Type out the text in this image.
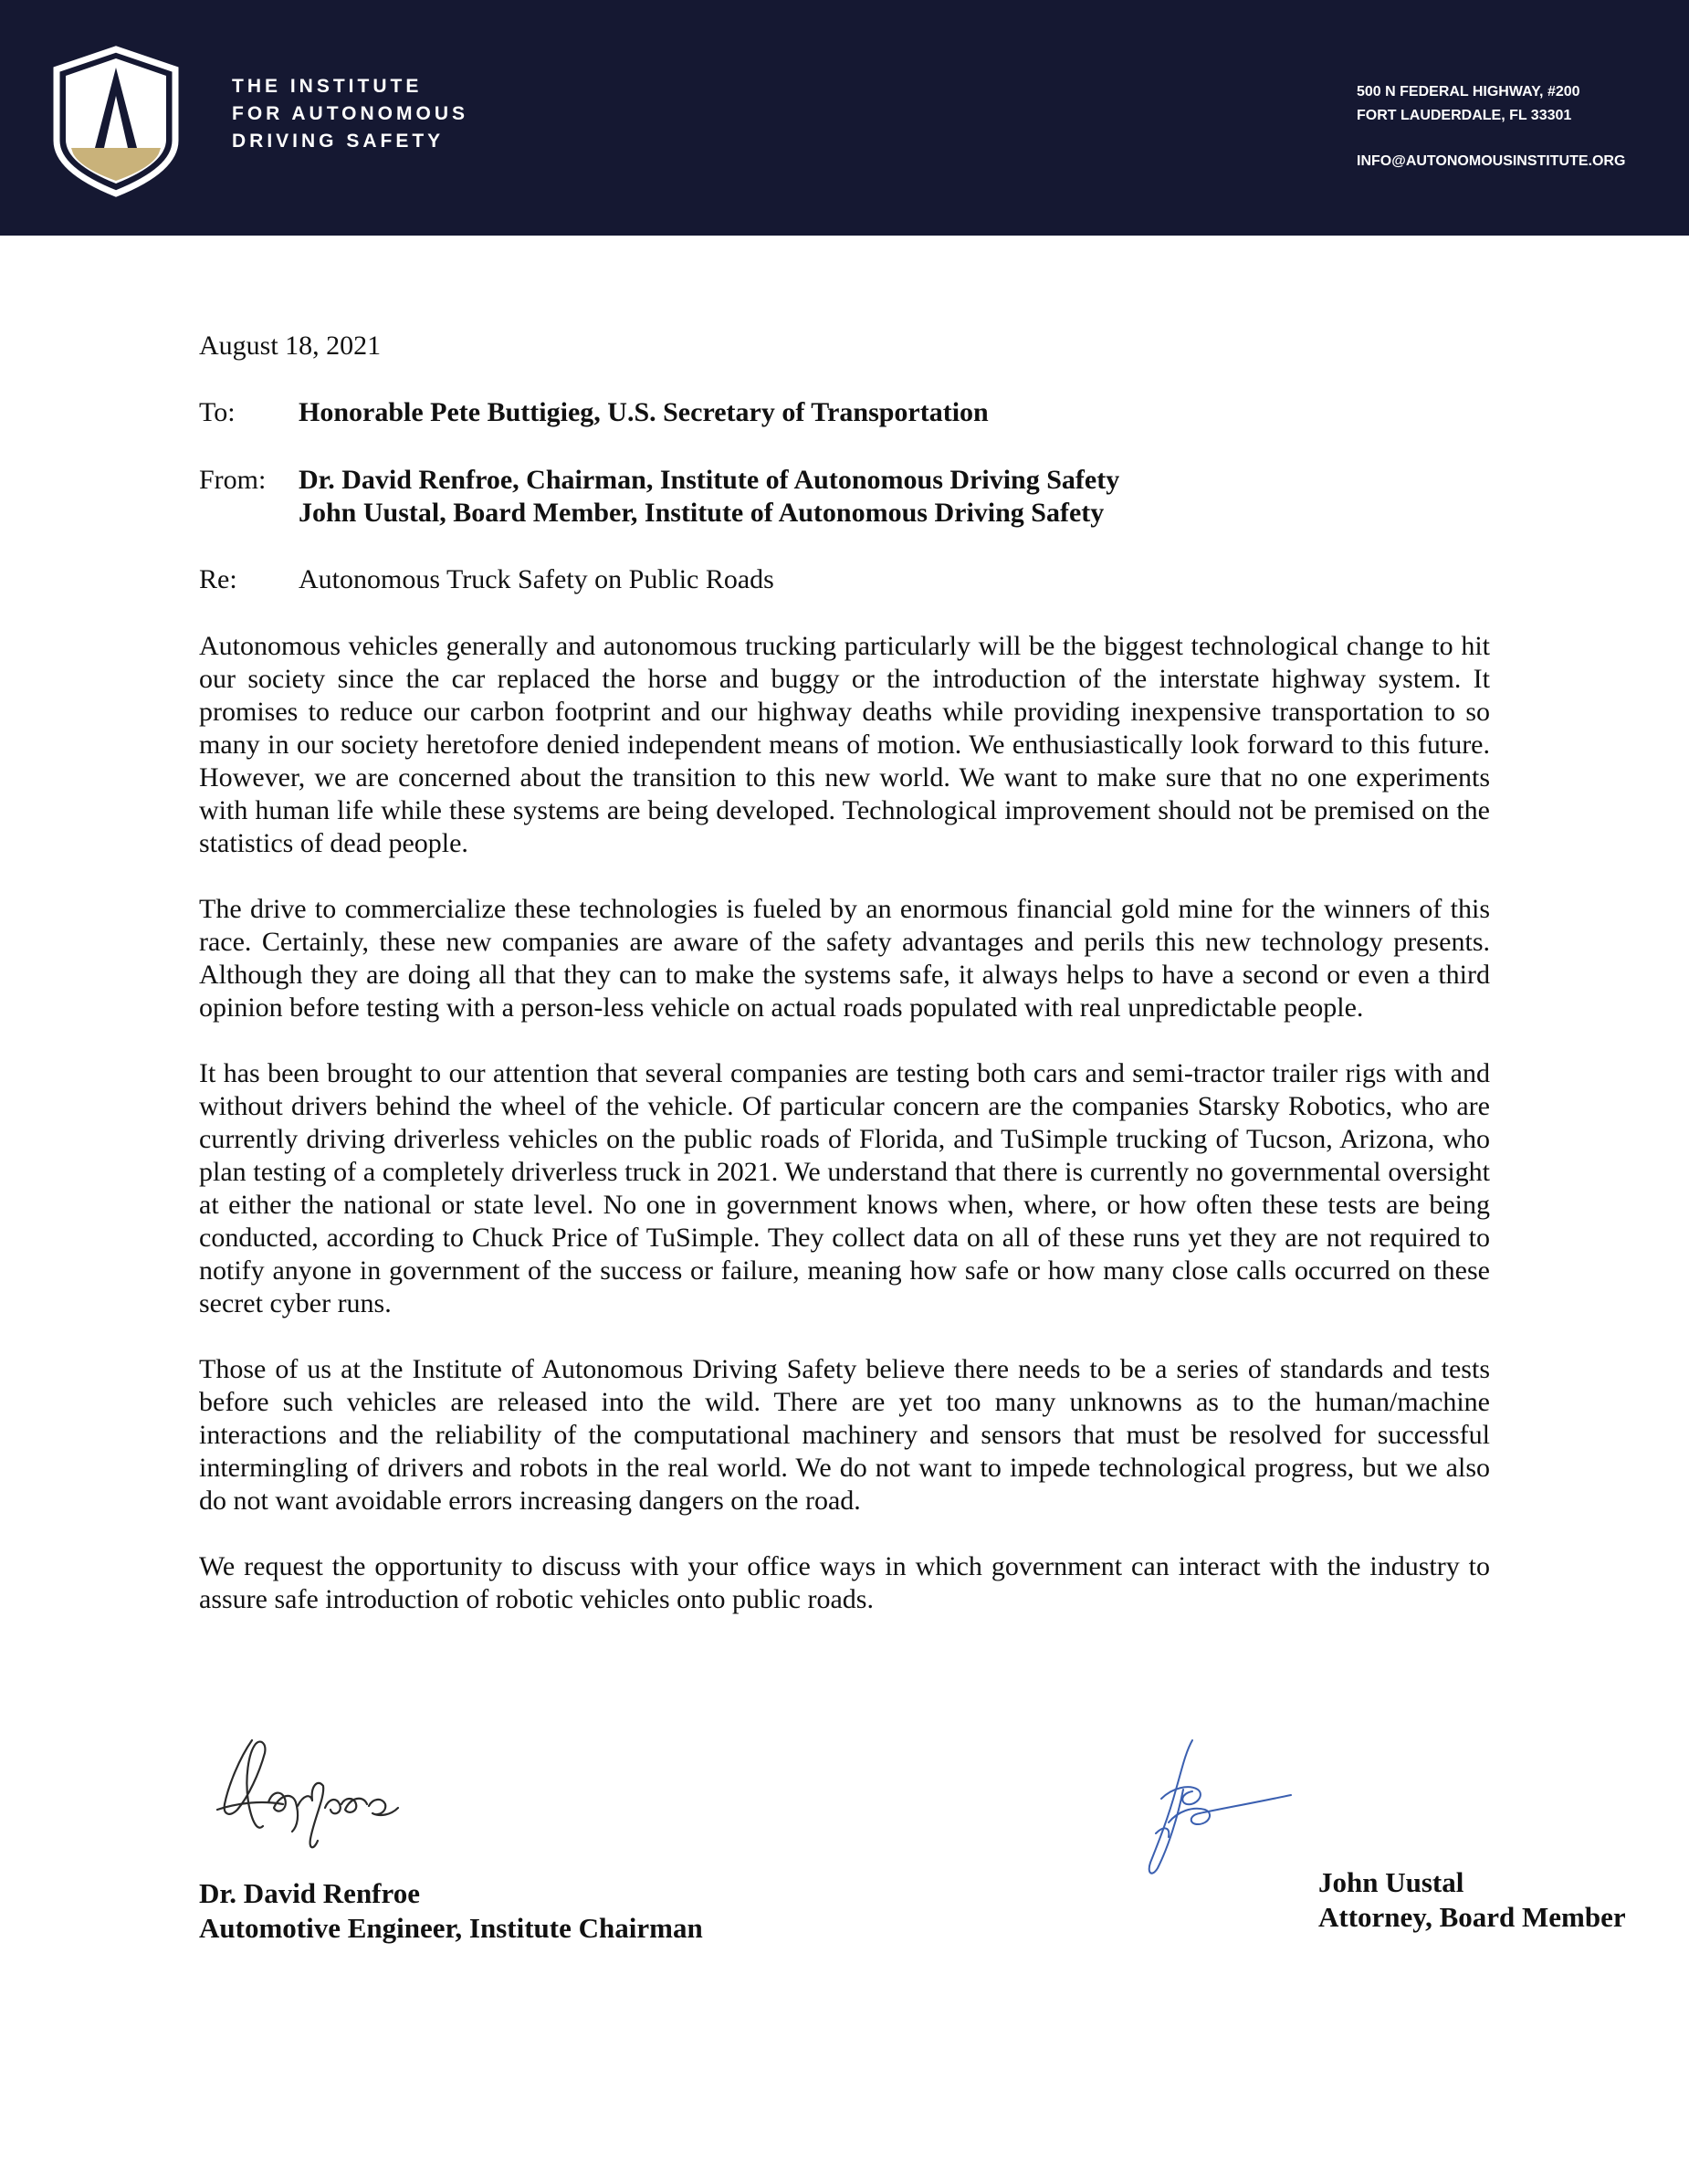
THE INSTITUTE
FOR AUTONOMOUS
DRIVING SAFETY
500 N FEDERAL HIGHWAY, #200
FORT LAUDERDALE, FL 33301
INFO@AUTONOMOUSINSTITUTE.ORG
August 18, 2021
To:	Honorable Pete Buttigieg, U.S. Secretary of Transportation
From:	Dr. David Renfroe, Chairman, Institute of Autonomous Driving Safety
John Uustal, Board Member, Institute of Autonomous Driving Safety
Re:	Autonomous Truck Safety on Public Roads

Autonomous vehicles generally and autonomous trucking particularly will be the biggest technological change to hit our society since the car replaced the horse and buggy or the introduction of the interstate highway system. It promises to reduce our carbon footprint and our highway deaths while providing inexpensive transportation to so many in our society heretofore denied independent means of motion. We enthusiastically look forward to this future. However, we are concerned about the transition to this new world. We want to make sure that no one experiments with human life while these systems are being developed. Technological improvement should not be premised on the statistics of dead people.

The drive to commercialize these technologies is fueled by an enormous financial gold mine for the winners of this race. Certainly, these new companies are aware of the safety advantages and perils this new technology presents. Although they are doing all that they can to make the systems safe, it always helps to have a second or even a third opinion before testing with a person-less vehicle on actual roads populated with real unpredictable people.

It has been brought to our attention that several companies are testing both cars and semi-tractor trailer rigs with and without drivers behind the wheel of the vehicle. Of particular concern are the companies Starsky Robotics, who are currently driving driverless vehicles on the public roads of Florida, and TuSimple trucking of Tucson, Arizona, who plan testing of a completely driverless truck in 2021. We understand that there is currently no governmental oversight at either the national or state level. No one in government knows when, where, or how often these tests are being conducted, according to Chuck Price of TuSimple. They collect data on all of these runs yet they are not required to notify anyone in government of the success or failure, meaning how safe or how many close calls occurred on these secret cyber runs.

Those of us at the Institute of Autonomous Driving Safety believe there needs to be a series of standards and tests before such vehicles are released into the wild. There are yet too many unknowns as to the human/machine interactions and the reliability of the computational machinery and sensors that must be resolved for successful intermingling of drivers and robots in the real world. We do not want to impede technological progress, but we also do not want avoidable errors increasing dangers on the road.

We request the opportunity to discuss with your office ways in which government can interact with the industry to assure safe introduction of robotic vehicles onto public roads.

Dr. David Renfroe
Automotive Engineer, Institute Chairman
John Uustal
Attorney, Board Member
